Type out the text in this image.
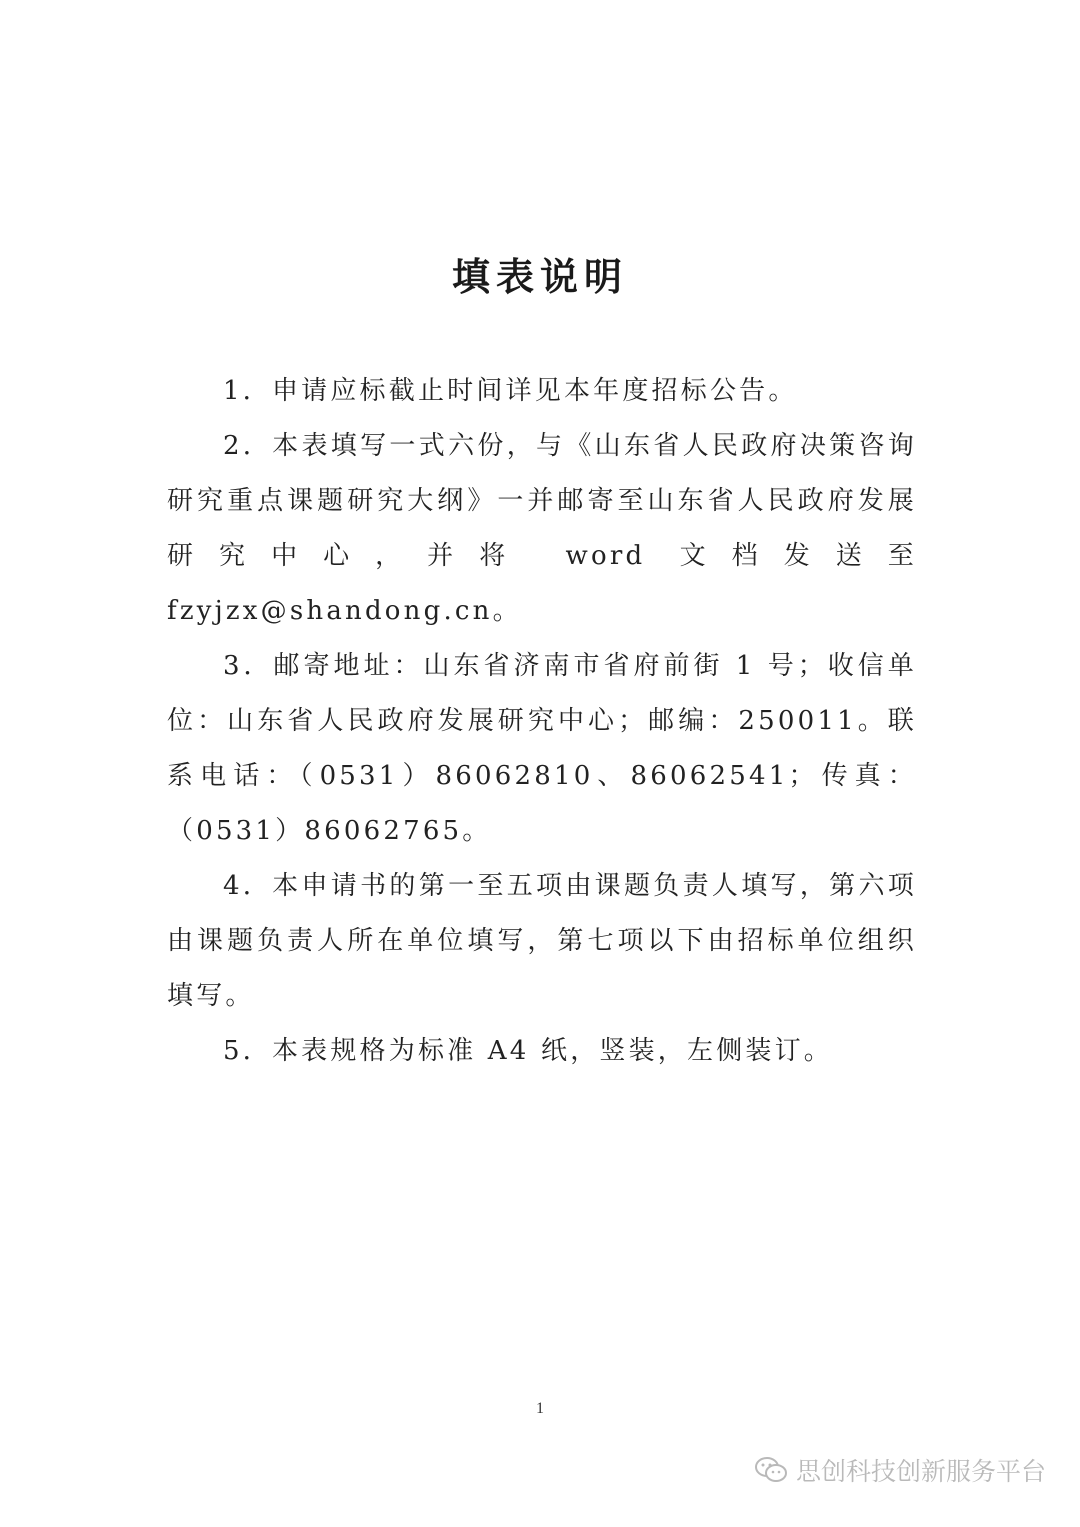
填表说明

1．申请应标截止时间详见本年度招标公告。

2．本表填写一式六份，与《山东省人民政府决策咨询研究重点课题研究大纲》一并邮寄至山东省人民政府发展研究中心，并将 word 文档发送至 fzyjzx@shandong.cn。

3．邮寄地址：山东省济南市省府前街 1 号；收信单位：山东省人民政府发展研究中心；邮编：250011。联系电话：（0531）86062810、86062541；传真：（0531）86062765。

4．本申请书的第一至五项由课题负责人填写，第六项由课题负责人所在单位填写，第七项以下由招标单位组织填写。

5．本表规格为标准 A4 纸，竖装，左侧装订。

1
思创科技创新服务平台
